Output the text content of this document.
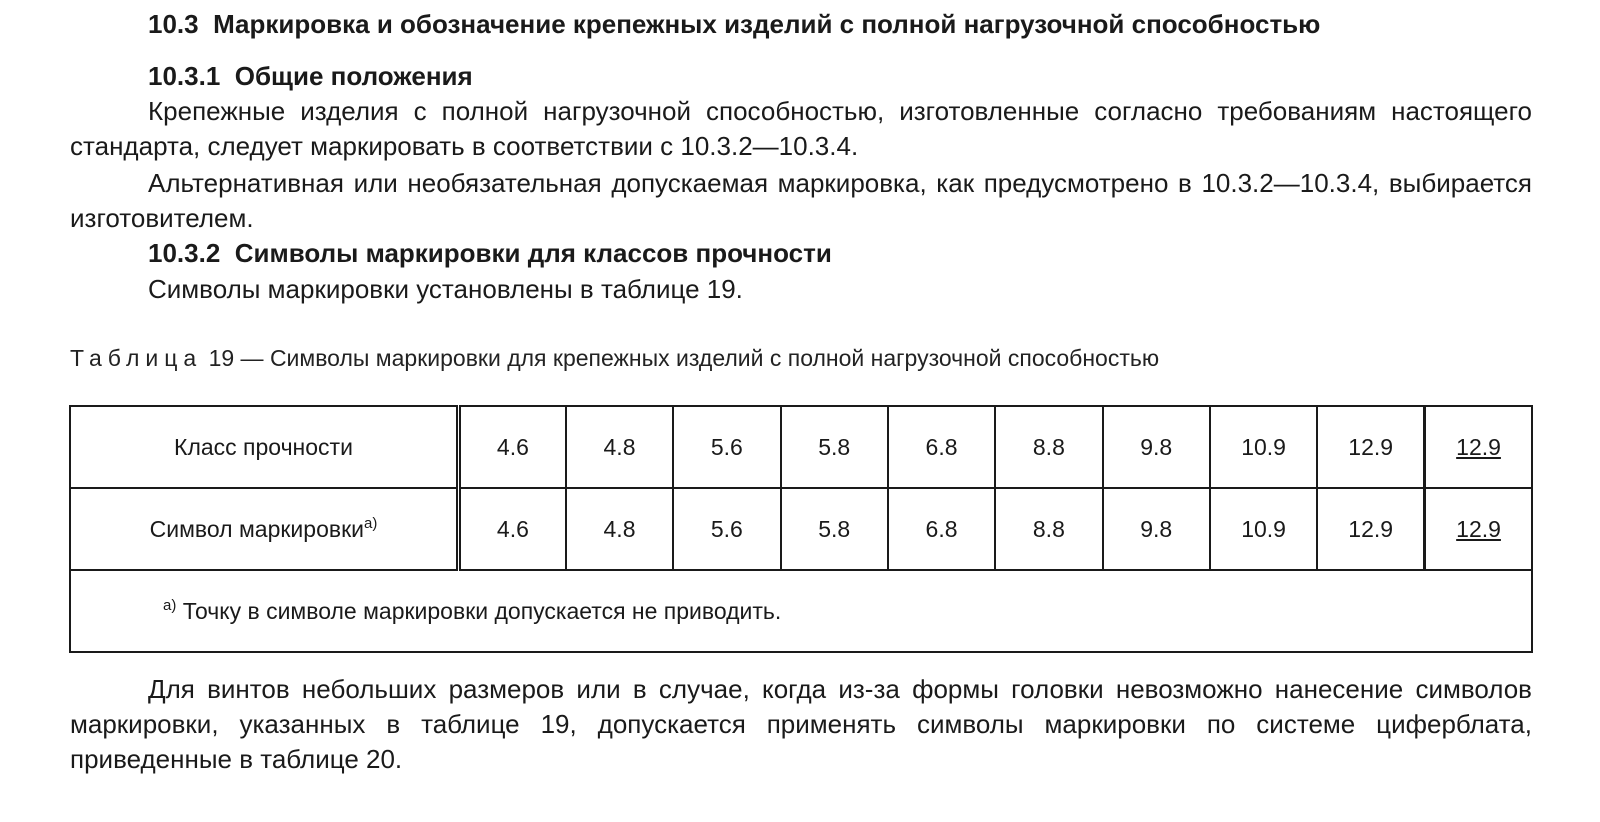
10.3 Маркировка и обозначение крепежных изделий с полной нагрузочной способностью

10.3.1 Общие положения

Крепежные изделия с полной нагрузочной способностью, изготовленные согласно требованиям настоящего стандарта, следует маркировать в соответствии с 10.3.2—10.3.4.

Альтернативная или необязательная допускаемая маркировка, как предусмотрено в 10.3.2—10.3.4, выбирается изготовителем.

10.3.2 Символы маркировки для классов прочности

Символы маркировки установлены в таблице 19.

Таблица 19 — Символы маркировки для крепежных изделий с полной нагрузочной способностью

Класс прочности	4.6	4.8	5.6	5.8	6.8	8.8	9.8	10.9	12.9	12.9
Символ маркировки$^{a)}$	4.6	4.8	5.6	5.8	6.8	8.8	9.8	10.9	12.9	12.9
$^{a)}$ Точку в символе маркировки допускается не приводить.										

Для винтов небольших размеров или в случае, когда из-за формы головки невозможно нанесение символов маркировки, указанных в таблице 19, допускается применять символы маркировки по системе циферблата, приведенные в таблице 20.
